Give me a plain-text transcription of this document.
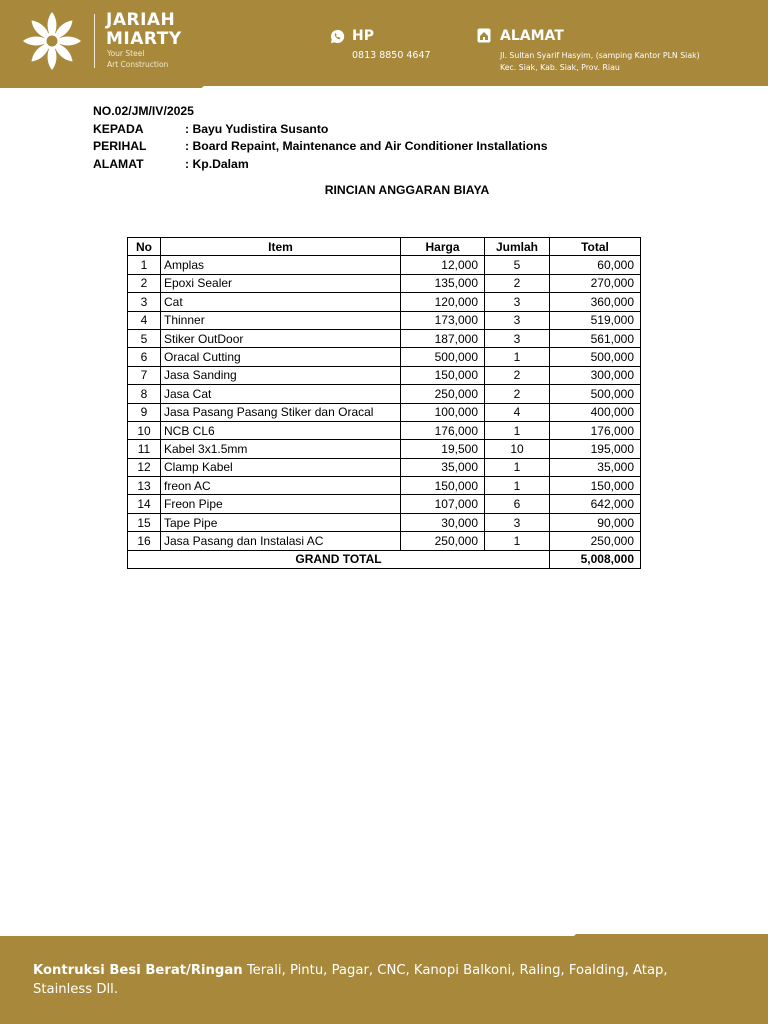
JARIAH
MIARTY
Your Steel
Art Construction
HP
0813 8850 4647
ALAMAT
Jl. Sultan Syarif Hasyim, (samping Kantor PLN Siak)
Kec. Siak, Kab. Siak, Prov. Riau
NO.02/JM/IV/2025
KEPADA	: Bayu Yudistira Susanto
PERIHAL	: Board Repaint, Maintenance and Air Conditioner Installations
ALAMAT	: Kp.Dalam
RINCIAN ANGGARAN BIAYA
No	Item	Harga	Jumlah	Total
1	Amplas	12,000	5	60,000
2	Epoxi Sealer	135,000	2	270,000
3	Cat	120,000	3	360,000
4	Thinner	173,000	3	519,000
5	Stiker OutDoor	187,000	3	561,000
6	Oracal Cutting	500,000	1	500,000
7	Jasa Sanding	150,000	2	300,000
8	Jasa Cat	250,000	2	500,000
9	Jasa Pasang Pasang Stiker dan Oracal	100,000	4	400,000
10	NCB CL6	176,000	1	176,000
11	Kabel 3x1.5mm	19,500	10	195,000
12	Clamp Kabel	35,000	1	35,000
13	freon AC	150,000	1	150,000
14	Freon Pipe	107,000	6	642,000
15	Tape Pipe	30,000	3	90,000
16	Jasa Pasang dan Instalasi AC	250,000	1	250,000
GRAND TOTAL				5,008,000
Kontruksi Besi Berat/Ringan Terali, Pintu, Pagar, CNC, Kanopi Balkoni, Raling, Foalding, Atap, Stainless Dll.
